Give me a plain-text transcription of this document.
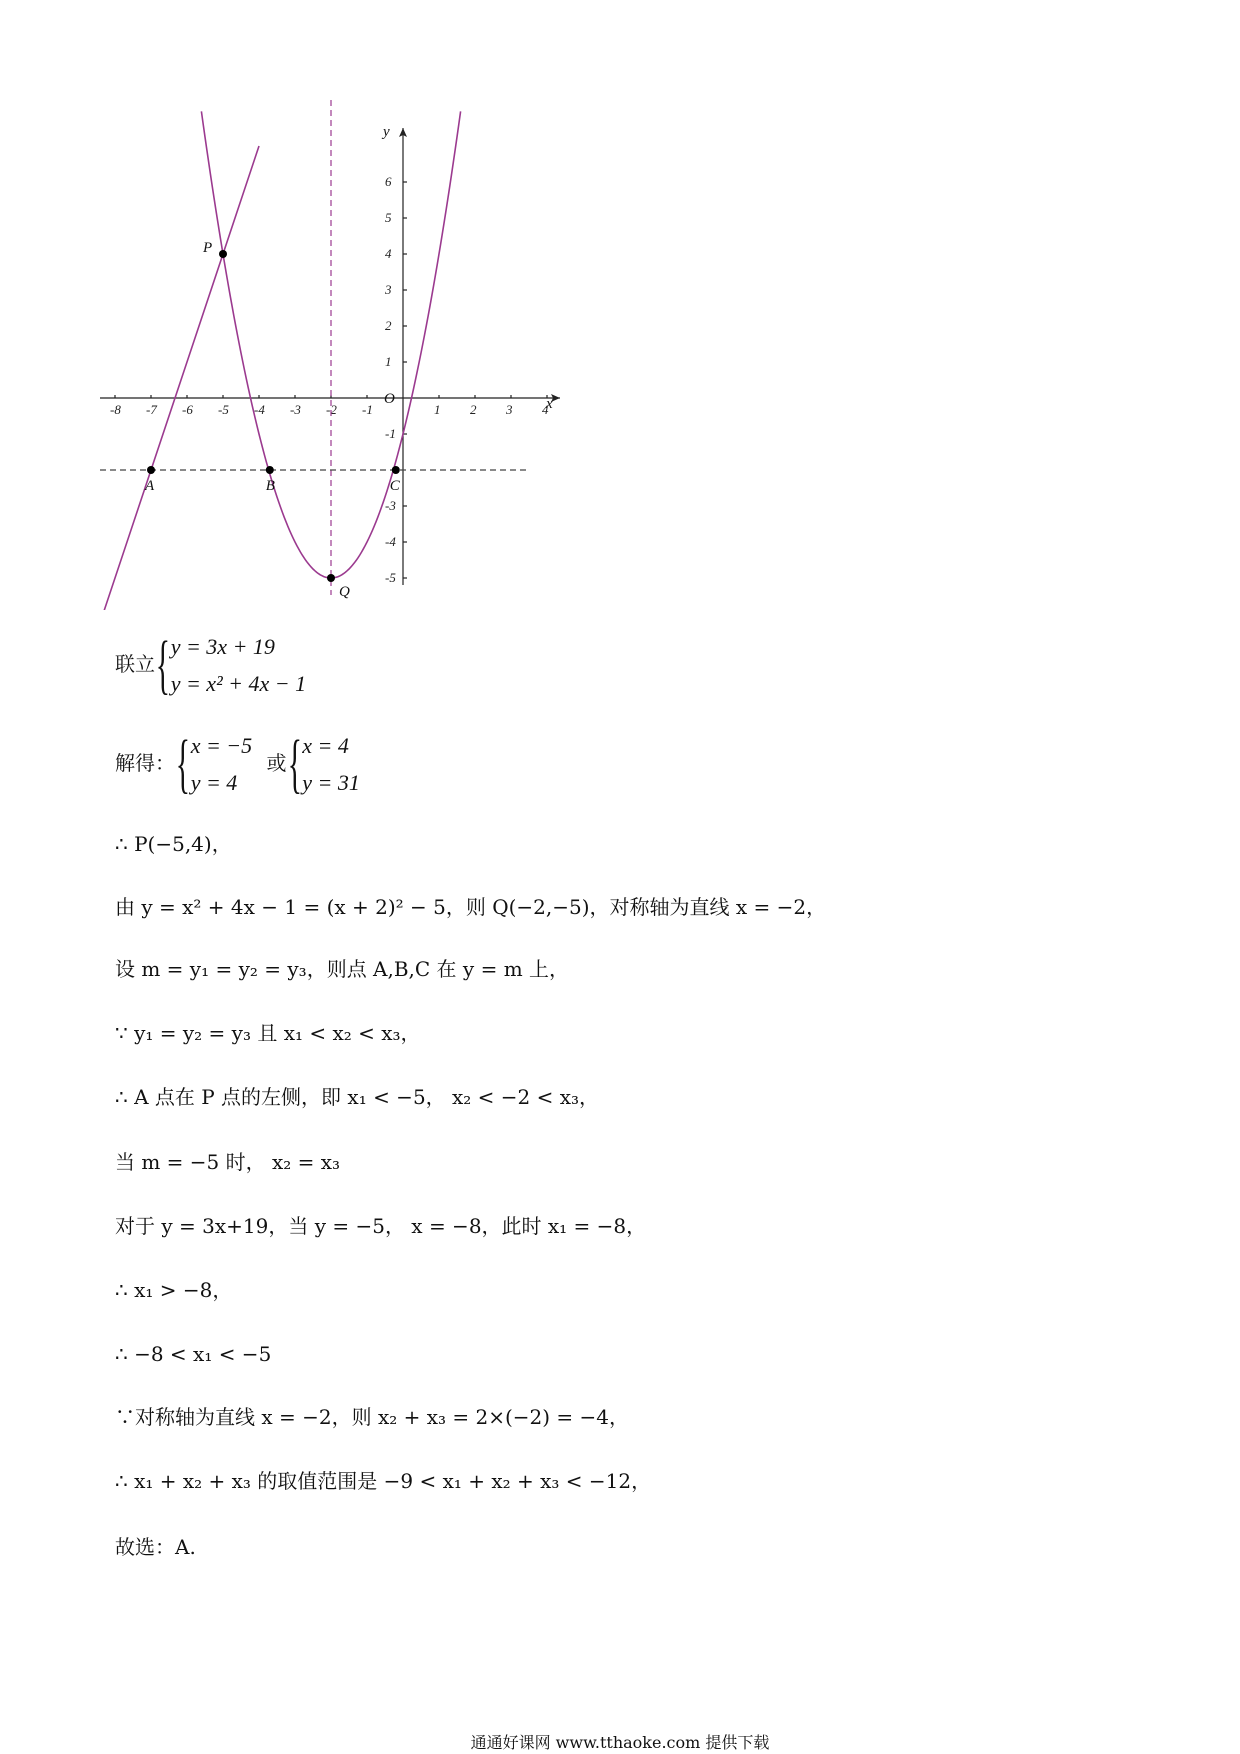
x
y
O
-8 -7 -6 -5 -4 -3 -2 -1	1 2 3 4
6
5
4
3
2
1
-1
-3
-4
-5
P
A	B	C
Q
联立{ y = 3x + 19
y = x² + 4x − 1
解得：{ x = −5
y = 4
或{ x = 4
y = 31
∴ P(−5,4)，
由 y = x² + 4x − 1 = (x + 2)² − 5，则 Q(−2,−5)，对称轴为直线 x = −2，
设 m = y₁ = y₂ = y₃，则点 A,B,C 在 y = m 上，
∵ y₁ = y₂ = y₃ 且 x₁ < x₂ < x₃，
∴ A 点在 P 点的左侧，即 x₁ < −5， x₂ < −2 < x₃，
当 m = −5 时， x₂ = x₃
对于 y = 3x+19，当 y = −5， x = −8，此时 x₁ = −8，
∴ x₁ > −8，
∴ −8 < x₁ < −5
∵对称轴为直线 x = −2，则 x₂ + x₃ = 2×(−2) = −4，
∴ x₁ + x₂ + x₃ 的取值范围是 −9 < x₁ + x₂ + x₃ < −12，
故选：A.
通通好课网 www.tthaoke.com 提供下载
